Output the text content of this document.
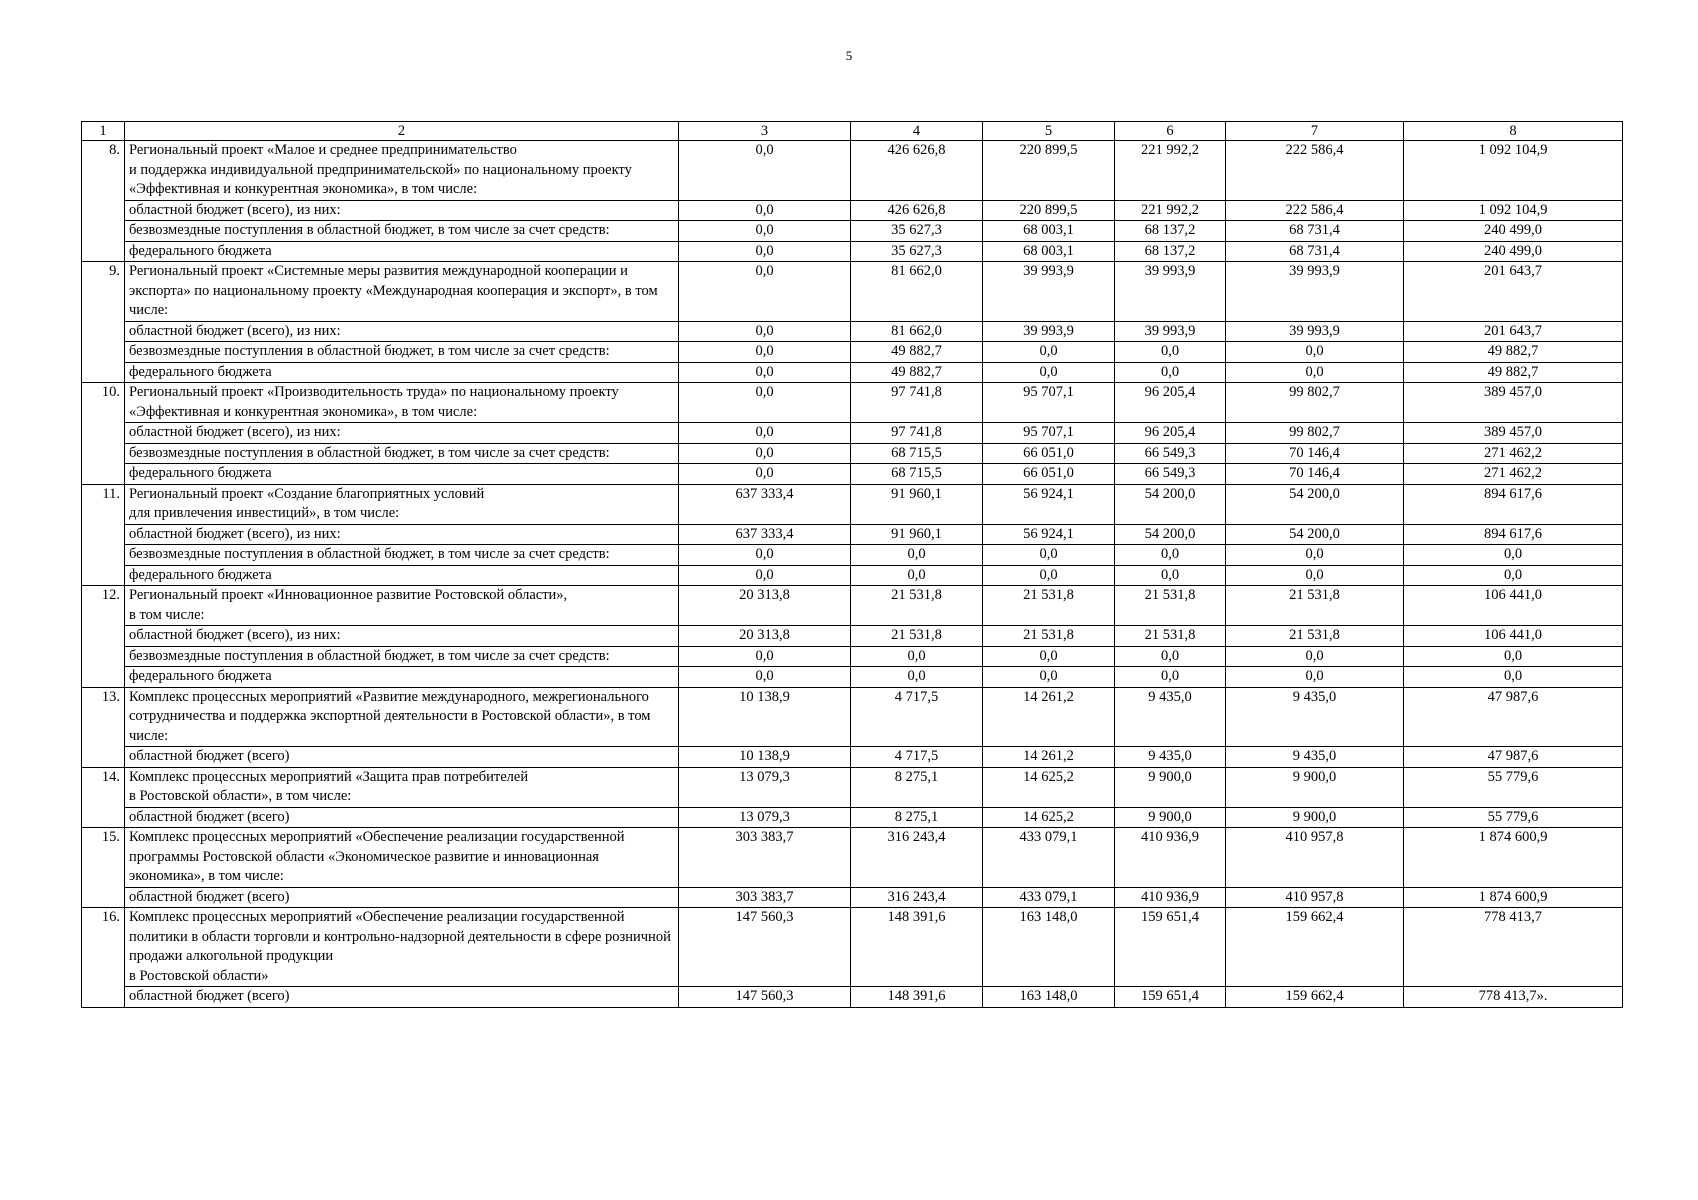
5
1	2	3	4	5	6	7	8
8.	Региональный проект «Малое и среднее предпринимательство
и поддержка индивидуальной предпринимательской» по национальному проекту «Эффективная и конкурентная экономика», в том числе:	0,0	426 626,8	220 899,5	221 992,2	222 586,4	1 092 104,9
	областной бюджет (всего), из них:	0,0	426 626,8	220 899,5	221 992,2	222 586,4	1 092 104,9
	безвозмездные поступления в областной бюджет, в том числе за счет средств:	0,0	35 627,3	68 003,1	68 137,2	68 731,4	240 499,0
	федерального бюджета	0,0	35 627,3	68 003,1	68 137,2	68 731,4	240 499,0
9.	Региональный проект «Системные меры развития международной кооперации и экспорта» по национальному проекту «Международная кооперация и экспорт», в том числе:	0,0	81 662,0	39 993,9	39 993,9	39 993,9	201 643,7
	областной бюджет (всего), из них:	0,0	81 662,0	39 993,9	39 993,9	39 993,9	201 643,7
	безвозмездные поступления в областной бюджет, в том числе за счет средств:	0,0	49 882,7	0,0	0,0	0,0	49 882,7
	федерального бюджета	0,0	49 882,7	0,0	0,0	0,0	49 882,7
10.	Региональный проект «Производительность труда» по национальному проекту «Эффективная и конкурентная экономика», в том числе:	0,0	97 741,8	95 707,1	96 205,4	99 802,7	389 457,0
	областной бюджет (всего), из них:	0,0	97 741,8	95 707,1	96 205,4	99 802,7	389 457,0
	безвозмездные поступления в областной бюджет, в том числе за счет средств:	0,0	68 715,5	66 051,0	66 549,3	70 146,4	271 462,2
	федерального бюджета	0,0	68 715,5	66 051,0	66 549,3	70 146,4	271 462,2
11.	Региональный проект «Создание благоприятных условий
для привлечения инвестиций», в том числе:	637 333,4	91 960,1	56 924,1	54 200,0	54 200,0	894 617,6
	областной бюджет (всего), из них:	637 333,4	91 960,1	56 924,1	54 200,0	54 200,0	894 617,6
	безвозмездные поступления в областной бюджет, в том числе за счет средств:	0,0	0,0	0,0	0,0	0,0	0,0
	федерального бюджета	0,0	0,0	0,0	0,0	0,0	0,0
12.	Региональный проект «Инновационное развитие Ростовской области»,
в том числе:	20 313,8	21 531,8	21 531,8	21 531,8	21 531,8	106 441,0
	областной бюджет (всего), из них:	20 313,8	21 531,8	21 531,8	21 531,8	21 531,8	106 441,0
	безвозмездные поступления в областной бюджет, в том числе за счет средств:	0,0	0,0	0,0	0,0	0,0	0,0
	федерального бюджета	0,0	0,0	0,0	0,0	0,0	0,0
13.	Комплекс процессных мероприятий «Развитие международного, межрегионального сотрудничества и поддержка экспортной деятельности в Ростовской области», в том числе:	10 138,9	4 717,5	14 261,2	9 435,0	9 435,0	47 987,6
	областной бюджет (всего)	10 138,9	4 717,5	14 261,2	9 435,0	9 435,0	47 987,6
14.	Комплекс процессных мероприятий «Защита прав потребителей
в Ростовской области», в том числе:	13 079,3	8 275,1	14 625,2	9 900,0	9 900,0	55 779,6
	областной бюджет (всего)	13 079,3	8 275,1	14 625,2	9 900,0	9 900,0	55 779,6
15.	Комплекс процессных мероприятий «Обеспечение реализации государственной программы Ростовской области «Экономическое развитие и инновационная экономика», в том числе:	303 383,7	316 243,4	433 079,1	410 936,9	410 957,8	1 874 600,9
	областной бюджет (всего)	303 383,7	316 243,4	433 079,1	410 936,9	410 957,8	1 874 600,9
16.	Комплекс процессных мероприятий «Обеспечение реализации государственной политики в области торговли и контрольно-надзорной деятельности в сфере розничной продажи алкогольной продукции
в Ростовской области»	147 560,3	148 391,6	163 148,0	159 651,4	159 662,4	778 413,7
	областной бюджет (всего)	147 560,3	148 391,6	163 148,0	159 651,4	159 662,4	778 413,7».
